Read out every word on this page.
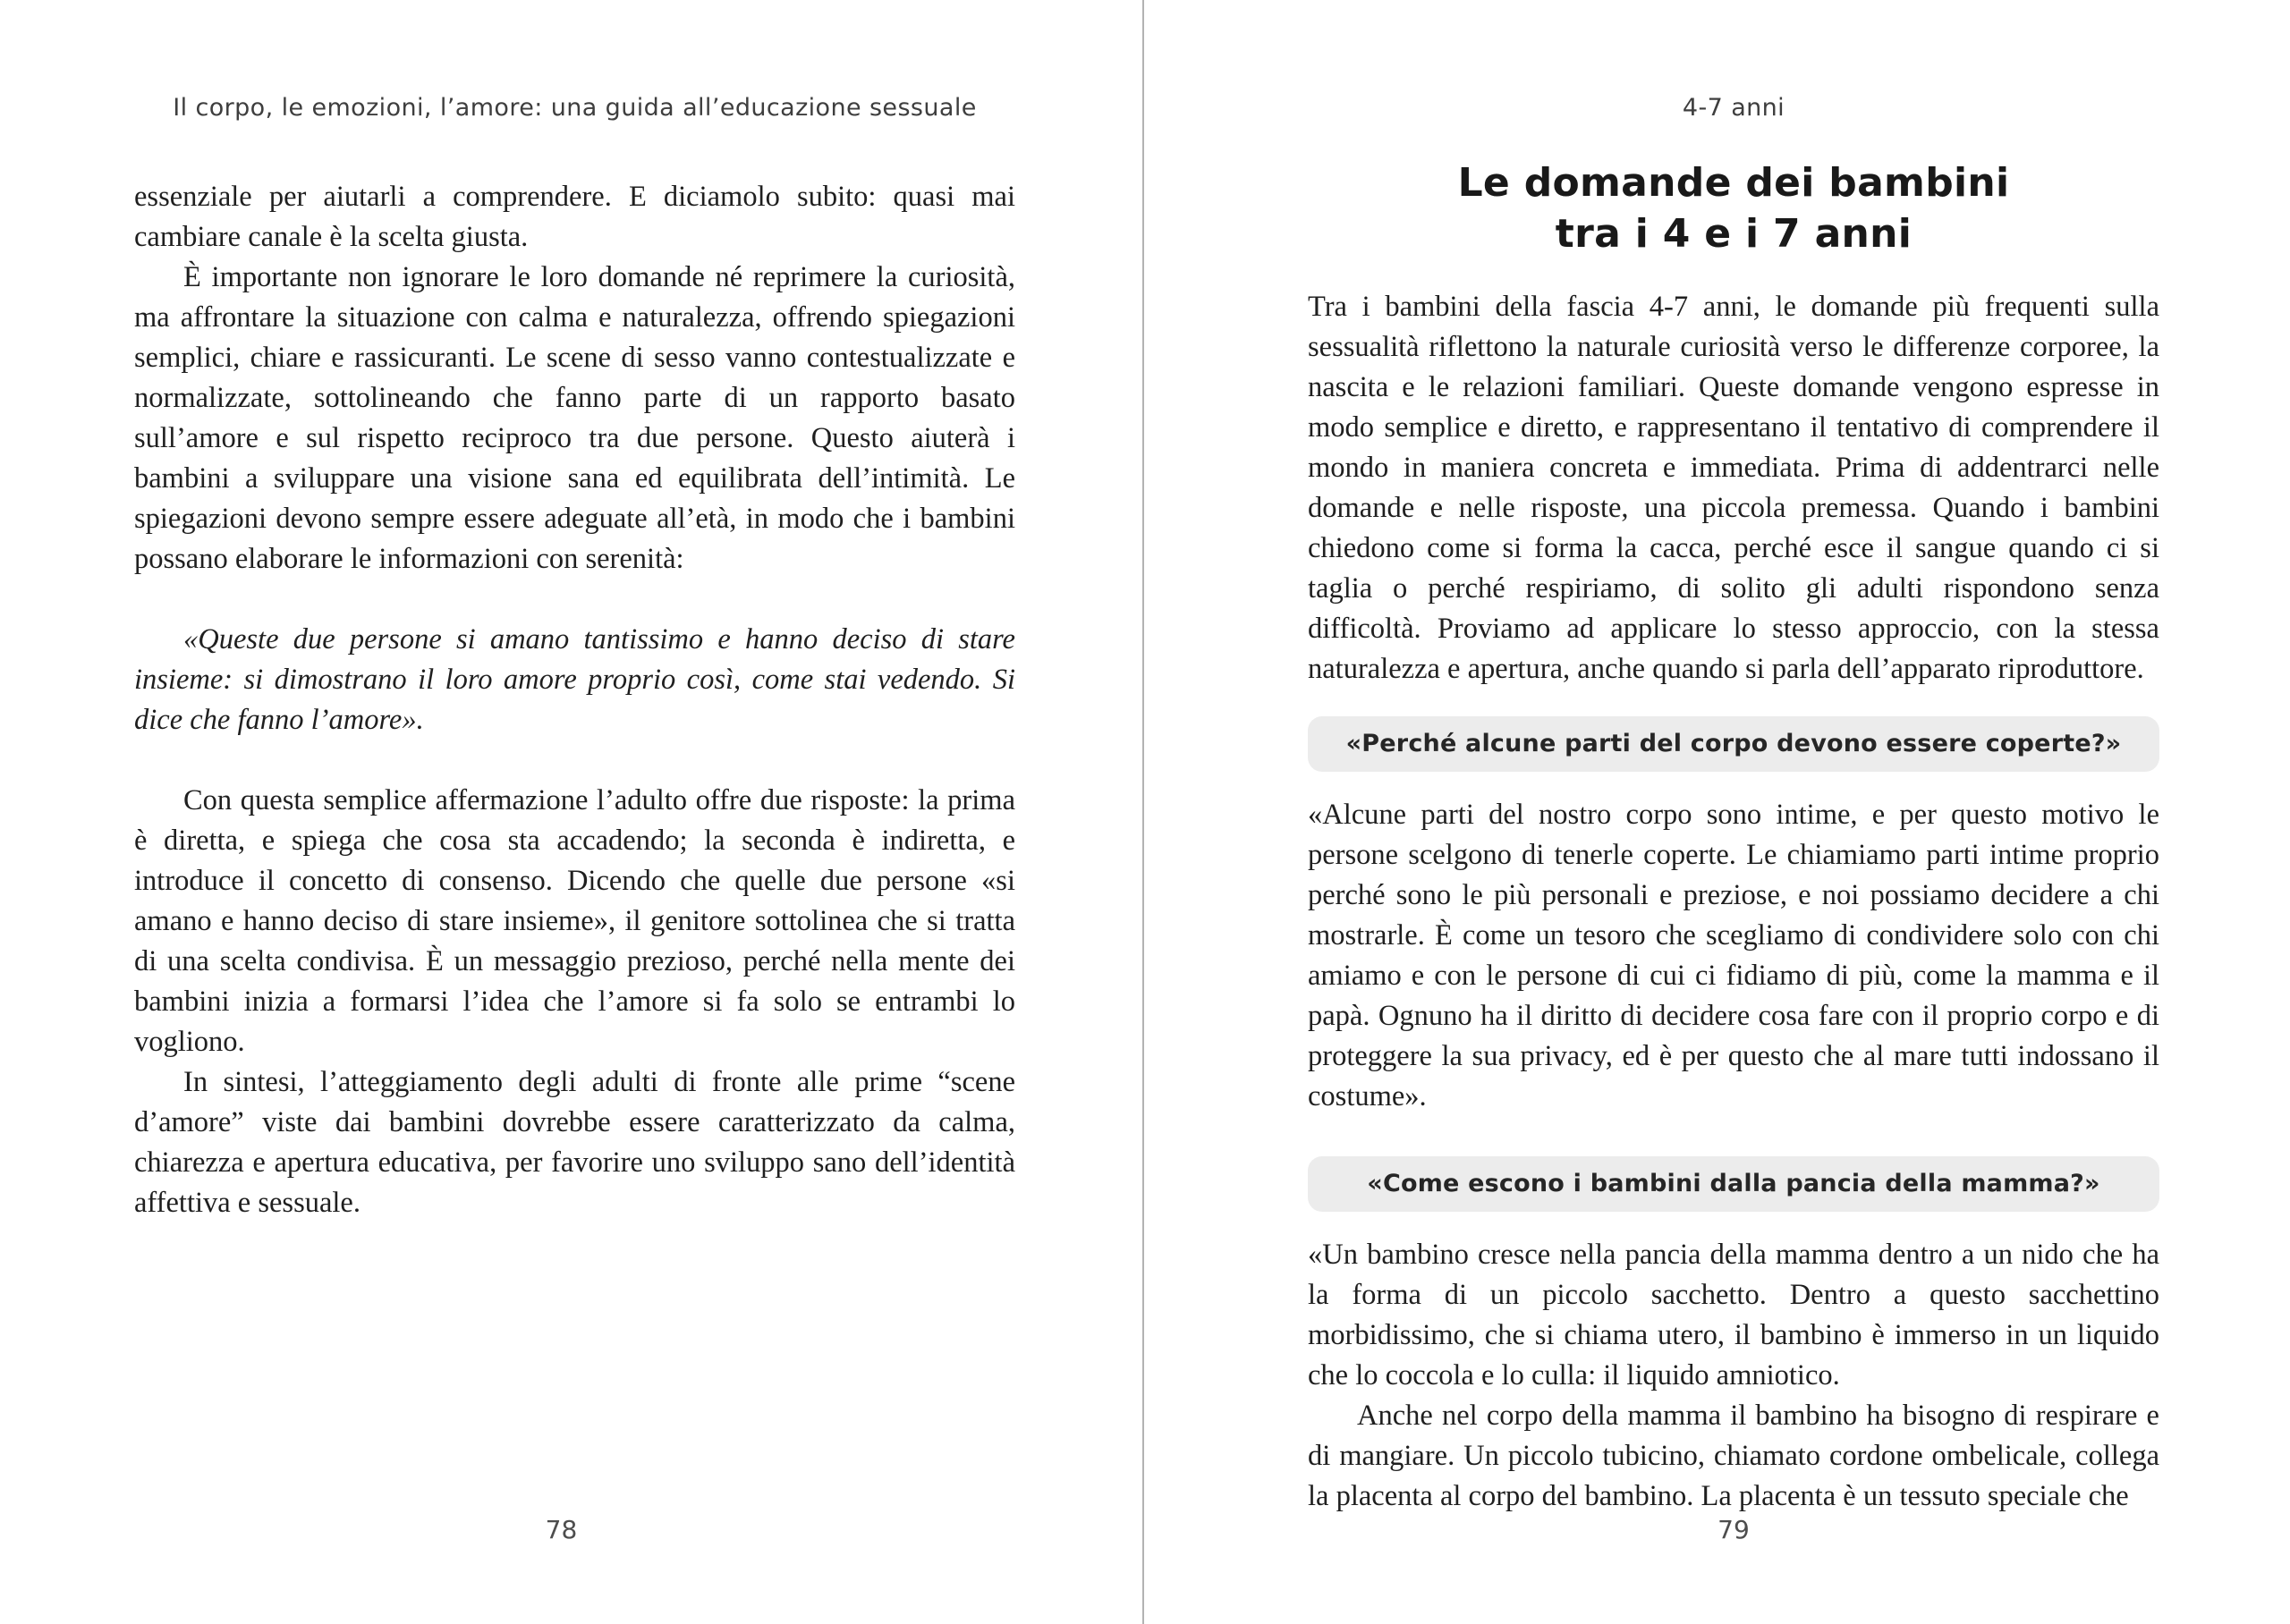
Il corpo, le emozioni, l’amore: una guida all’educazione sessuale

essenziale per aiutarli a comprendere. E diciamolo subito: quasi mai cambiare canale è la scelta giusta.

È importante non ignorare le loro domande né reprimere la curiosità, ma affrontare la situazione con calma e naturalezza, offrendo spiegazioni semplici, chiare e rassicuranti. Le scene di sesso vanno contestualizzate e normalizzate, sottolineando che fanno parte di un rapporto basato sull’amore e sul rispetto reciproco tra due persone. Questo aiuterà i bambini a sviluppare una visione sana ed equilibrata dell’intimità. Le spiegazioni devono sempre essere adeguate all’età, in modo che i bambini possano elaborare le informazioni con serenità:

«Queste due persone si amano tantissimo e hanno deciso di stare insieme: si dimostrano il loro amore proprio così, come stai vedendo. Si dice che fanno l’amore».

Con questa semplice affermazione l’adulto offre due risposte: la prima è diretta, e spiega che cosa sta accadendo; la seconda è indiretta, e introduce il concetto di consenso. Dicendo che quelle due persone «si amano e hanno deciso di stare insieme», il genitore sottolinea che si tratta di una scelta condivisa. È un messaggio prezioso, perché nella mente dei bambini inizia a formarsi l’idea che l’amore si fa solo se entrambi lo vogliono.

In sintesi, l’atteggiamento degli adulti di fronte alle prime “scene d’amore” viste dai bambini dovrebbe essere caratterizzato da calma, chiarezza e apertura educativa, per favorire uno sviluppo sano dell’identità affettiva e sessuale.

78
4-7 anni
Le domande dei bambini
tra i 4 e i 7 anni

Tra i bambini della fascia 4-7 anni, le domande più frequenti sulla sessualità riflettono la naturale curiosità verso le differenze corporee, la nascita e le relazioni familiari. Queste domande vengono espresse in modo semplice e diretto, e rappresentano il tentativo di comprendere il mondo in maniera concreta e immediata. Prima di addentrarci nelle domande e nelle risposte, una piccola premessa. Quando i bambini chiedono come si forma la cacca, perché esce il sangue quando ci si taglia o perché respiriamo, di solito gli adulti rispondono senza difficoltà. Proviamo ad applicare lo stesso approccio, con la stessa naturalezza e apertura, anche quando si parla dell’apparato riproduttore.

«Perché alcune parti del corpo devono essere coperte?»

«Alcune parti del nostro corpo sono intime, e per questo motivo le persone scelgono di tenerle coperte. Le chiamiamo parti intime proprio perché sono le più personali e preziose, e noi possiamo decidere a chi mostrarle. È come un tesoro che scegliamo di condividere solo con chi amiamo e con le persone di cui ci fidiamo di più, come la mamma e il papà. Ognuno ha il diritto di decidere cosa fare con il proprio corpo e di proteggere la sua privacy, ed è per questo che al mare tutti indossano il costume».

«Come escono i bambini dalla pancia della mamma?»

«Un bambino cresce nella pancia della mamma dentro a un nido che ha la forma di un piccolo sacchetto. Dentro a questo sacchettino morbidissimo, che si chiama utero, il bambino è immerso in un liquido che lo coccola e lo culla: il liquido amniotico.

Anche nel corpo della mamma il bambino ha bisogno di respirare e di mangiare. Un piccolo tubicino, chiamato cordone ombelicale, collega la placenta al corpo del bambino. La placenta è un tessuto speciale che

79
